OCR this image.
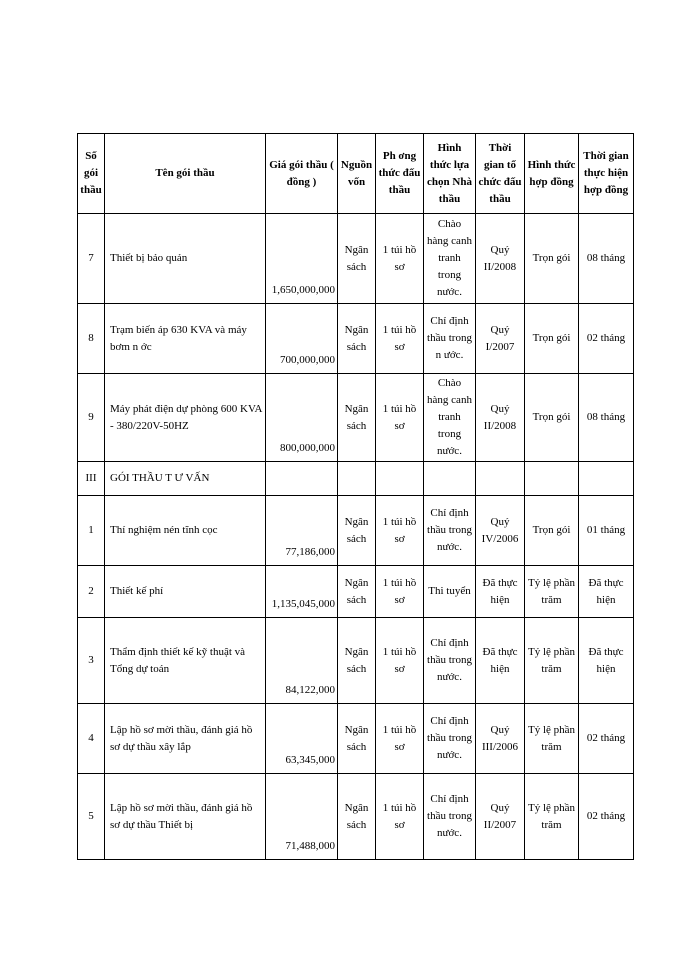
Số gói thầu	Tên gói thầu	Giá gói thầu ( đồng )	Nguồn vốn	Ph ơng thức đấu thầu	Hình thức lựa chọn Nhà thầu	Thời gian tổ chức đấu thầu	Hình thức hợp đồng	Thời gian thực hiện hợp đồng
7	Thiết bị bảo quản	1,650,000,000	Ngân sách	1 túi hồ sơ	Chào hàng canh tranh trong nước.	Quý II/2008	Trọn gói	08 tháng
8	Trạm biến áp 630 KVA và máy bơm n ớc	700,000,000	Ngân sách	1 túi hồ sơ	Chỉ định thầu trong n ước.	Quý I/2007	Trọn gói	02 tháng
9	Máy phát điện dự phòng 600 KVA - 380/220V-50HZ	800,000,000	Ngân sách	1 túi hồ sơ	Chào hàng canh tranh trong nước.	Quý II/2008	Trọn gói	08 tháng
III	GÓI THẦU T Ư VẤN							
1	Thí nghiệm nén tĩnh cọc	77,186,000	Ngân sách	1 túi hồ sơ	Chỉ định thầu trong nước.	Quý IV/2006	Trọn gói	01 tháng
2	Thiết kế phí	1,135,045,000	Ngân sách	1 túi hồ sơ	Thi tuyển	Đã thực hiện	Tỷ lệ phần trăm	Đã thực hiện
3	Thẩm định thiết kế kỹ thuật và Tổng dự toán	84,122,000	Ngân sách	1 túi hồ sơ	Chỉ định thầu trong nước.	Đã thực hiện	Tỷ lệ phần trăm	Đã thực hiện
4	Lập hồ sơ mời thầu, đánh giá hồ sơ dự thầu xây lắp	63,345,000	Ngân sách	1 túi hồ sơ	Chỉ định thầu trong nước.	Quý III/2006	Tỷ lệ phần trăm	02 tháng
5	Lập hồ sơ mời thầu, đánh giá hồ sơ dự thầu Thiết bị	71,488,000	Ngân sách	1 túi hồ sơ	Chỉ định thầu trong nước.	Quý II/2007	Tỷ lệ phần trăm	02 tháng
